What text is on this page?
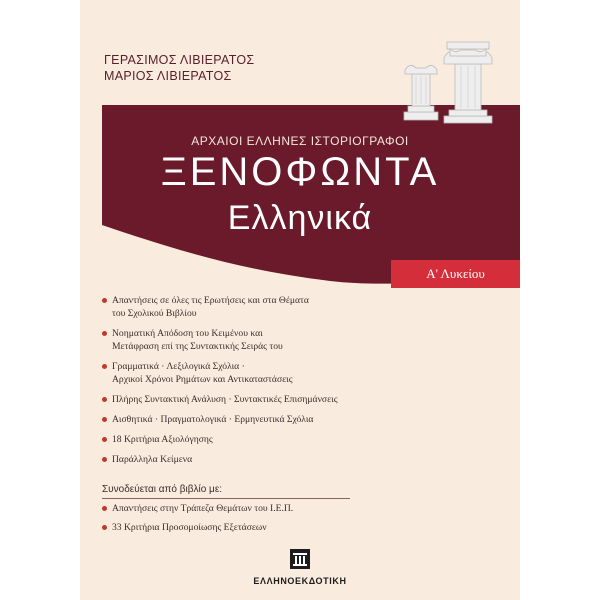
ΓΕΡΑΣΙΜΟΣ ΛΙΒΙΕΡΑΤΟΣ
ΜΑΡΙΟΣ ΛΙΒΙΕΡΑΤΟΣ
ΑΡΧΑΙΟΙ ΕΛΛΗΝΕΣ ΙΣΤΟΡΙΟΓΡΑΦΟΙ
ΞΕΝΟΦΩΝΤΑ
Ελληνικά
Α' Λυκείου
Απαντήσεις σε όλες τις Ερωτήσεις και στα Θέματα
του Σχολικού Βιβλίου
Νοηματική Απόδοση του Κειμένου και
Μετάφραση επί της Συντακτικής Σειράς του
Γραμματικά · Λεξιλογικά Σχόλια ·
Αρχικοί Χρόνοι Ρημάτων και Αντικαταστάσεις
Πλήρης Συντακτική Ανάλυση · Συντακτικές Επισημάνσεις
Αισθητικά · Πραγματολογικά · Ερμηνευτικά Σχόλια
18 Κριτήρια Αξιολόγησης
Παράλληλα Κείμενα
Συνοδεύεται από βιβλίο με:
Απαντήσεις στην Τράπεζα Θεμάτων του Ι.Ε.Π.
33 Κριτήρια Προσομοίωσης Εξετάσεων
ΕΛΛΗΝΟΕΚΔΟΤΙΚΗ
